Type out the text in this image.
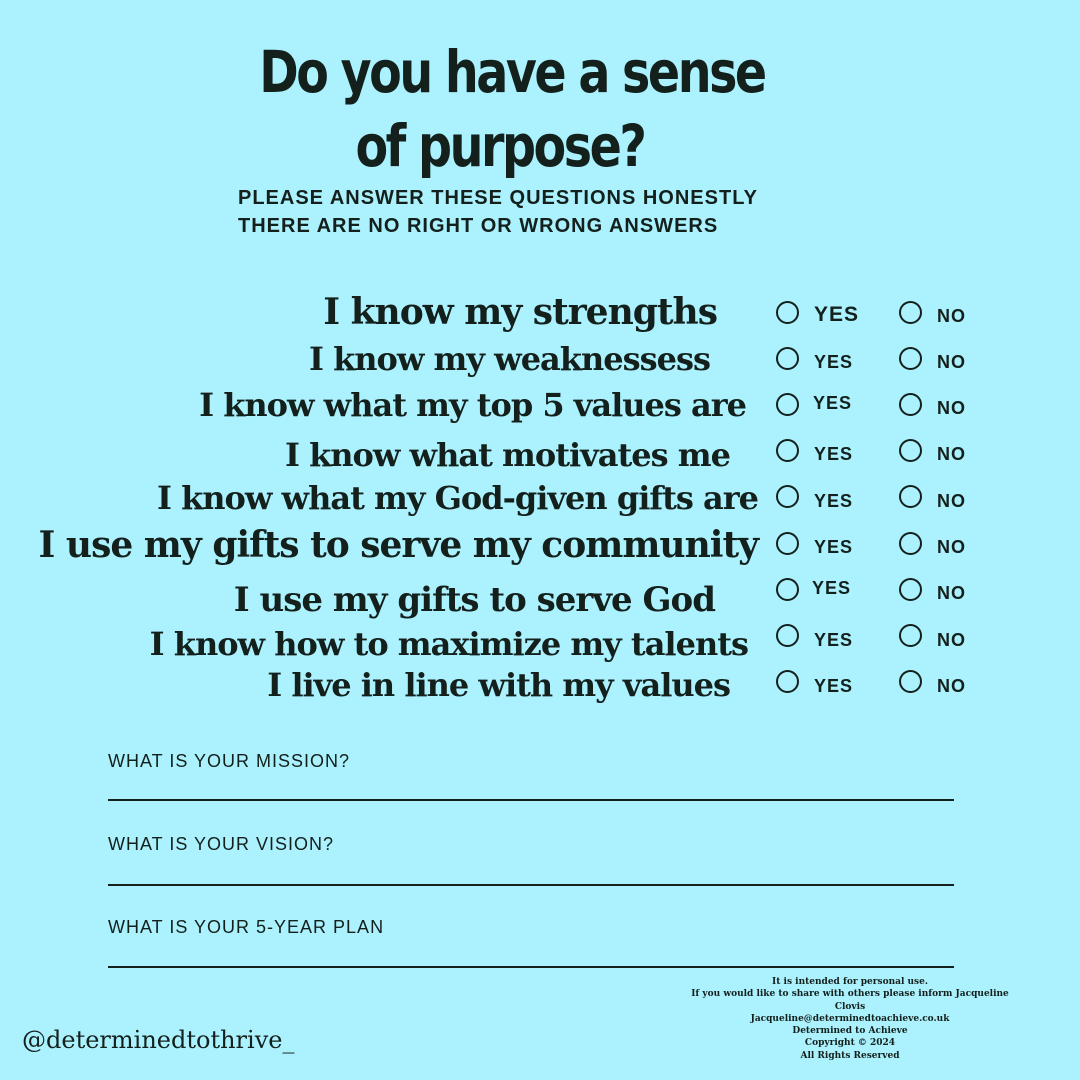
Do you have a sense
of purpose?
PLEASE ANSWER THESE QUESTIONS HONESTLY
THERE ARE NO RIGHT OR WRONG ANSWERS
I know my strengths	YES	NO
I know my weaknessess	YES	NO
I know what my top 5 values are	YES	NO
I know what motivates me	YES	NO
I know what my God-given gifts are	YES	NO
I use my gifts to serve my community	YES	NO
I use my gifts to serve God	YES	NO
I know how to maximize my talents	YES	NO
I live in line with my values	YES	NO
WHAT IS YOUR MISSION?
WHAT IS YOUR VISION?
WHAT IS YOUR 5-YEAR PLAN
It is intended for personal use.
If you would like to share with others please inform Jacqueline Clovis
Jacqueline@determinedtoachieve.co.uk
Determined to Achieve
Copyright © 2024
All Rights Reserved
@determinedtothrive_
